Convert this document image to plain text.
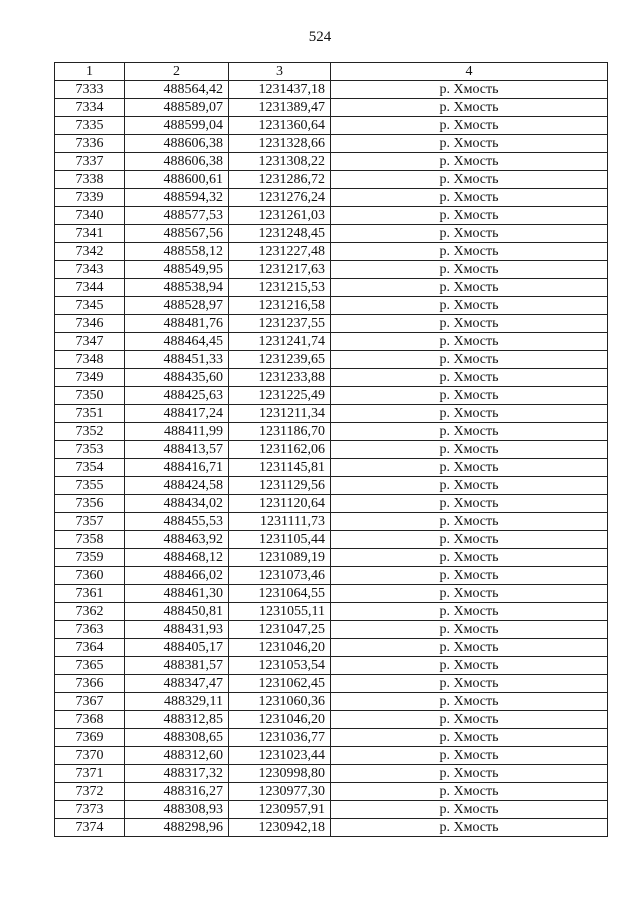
524
1	2	3	4
7333	488564,42	1231437,18	р. Хмость
7334	488589,07	1231389,47	р. Хмость
7335	488599,04	1231360,64	р. Хмость
7336	488606,38	1231328,66	р. Хмость
7337	488606,38	1231308,22	р. Хмость
7338	488600,61	1231286,72	р. Хмость
7339	488594,32	1231276,24	р. Хмость
7340	488577,53	1231261,03	р. Хмость
7341	488567,56	1231248,45	р. Хмость
7342	488558,12	1231227,48	р. Хмость
7343	488549,95	1231217,63	р. Хмость
7344	488538,94	1231215,53	р. Хмость
7345	488528,97	1231216,58	р. Хмость
7346	488481,76	1231237,55	р. Хмость
7347	488464,45	1231241,74	р. Хмость
7348	488451,33	1231239,65	р. Хмость
7349	488435,60	1231233,88	р. Хмость
7350	488425,63	1231225,49	р. Хмость
7351	488417,24	1231211,34	р. Хмость
7352	488411,99	1231186,70	р. Хмость
7353	488413,57	1231162,06	р. Хмость
7354	488416,71	1231145,81	р. Хмость
7355	488424,58	1231129,56	р. Хмость
7356	488434,02	1231120,64	р. Хмость
7357	488455,53	1231111,73	р. Хмость
7358	488463,92	1231105,44	р. Хмость
7359	488468,12	1231089,19	р. Хмость
7360	488466,02	1231073,46	р. Хмость
7361	488461,30	1231064,55	р. Хмость
7362	488450,81	1231055,11	р. Хмость
7363	488431,93	1231047,25	р. Хмость
7364	488405,17	1231046,20	р. Хмость
7365	488381,57	1231053,54	р. Хмость
7366	488347,47	1231062,45	р. Хмость
7367	488329,11	1231060,36	р. Хмость
7368	488312,85	1231046,20	р. Хмость
7369	488308,65	1231036,77	р. Хмость
7370	488312,60	1231023,44	р. Хмость
7371	488317,32	1230998,80	р. Хмость
7372	488316,27	1230977,30	р. Хмость
7373	488308,93	1230957,91	р. Хмость
7374	488298,96	1230942,18	р. Хмость
